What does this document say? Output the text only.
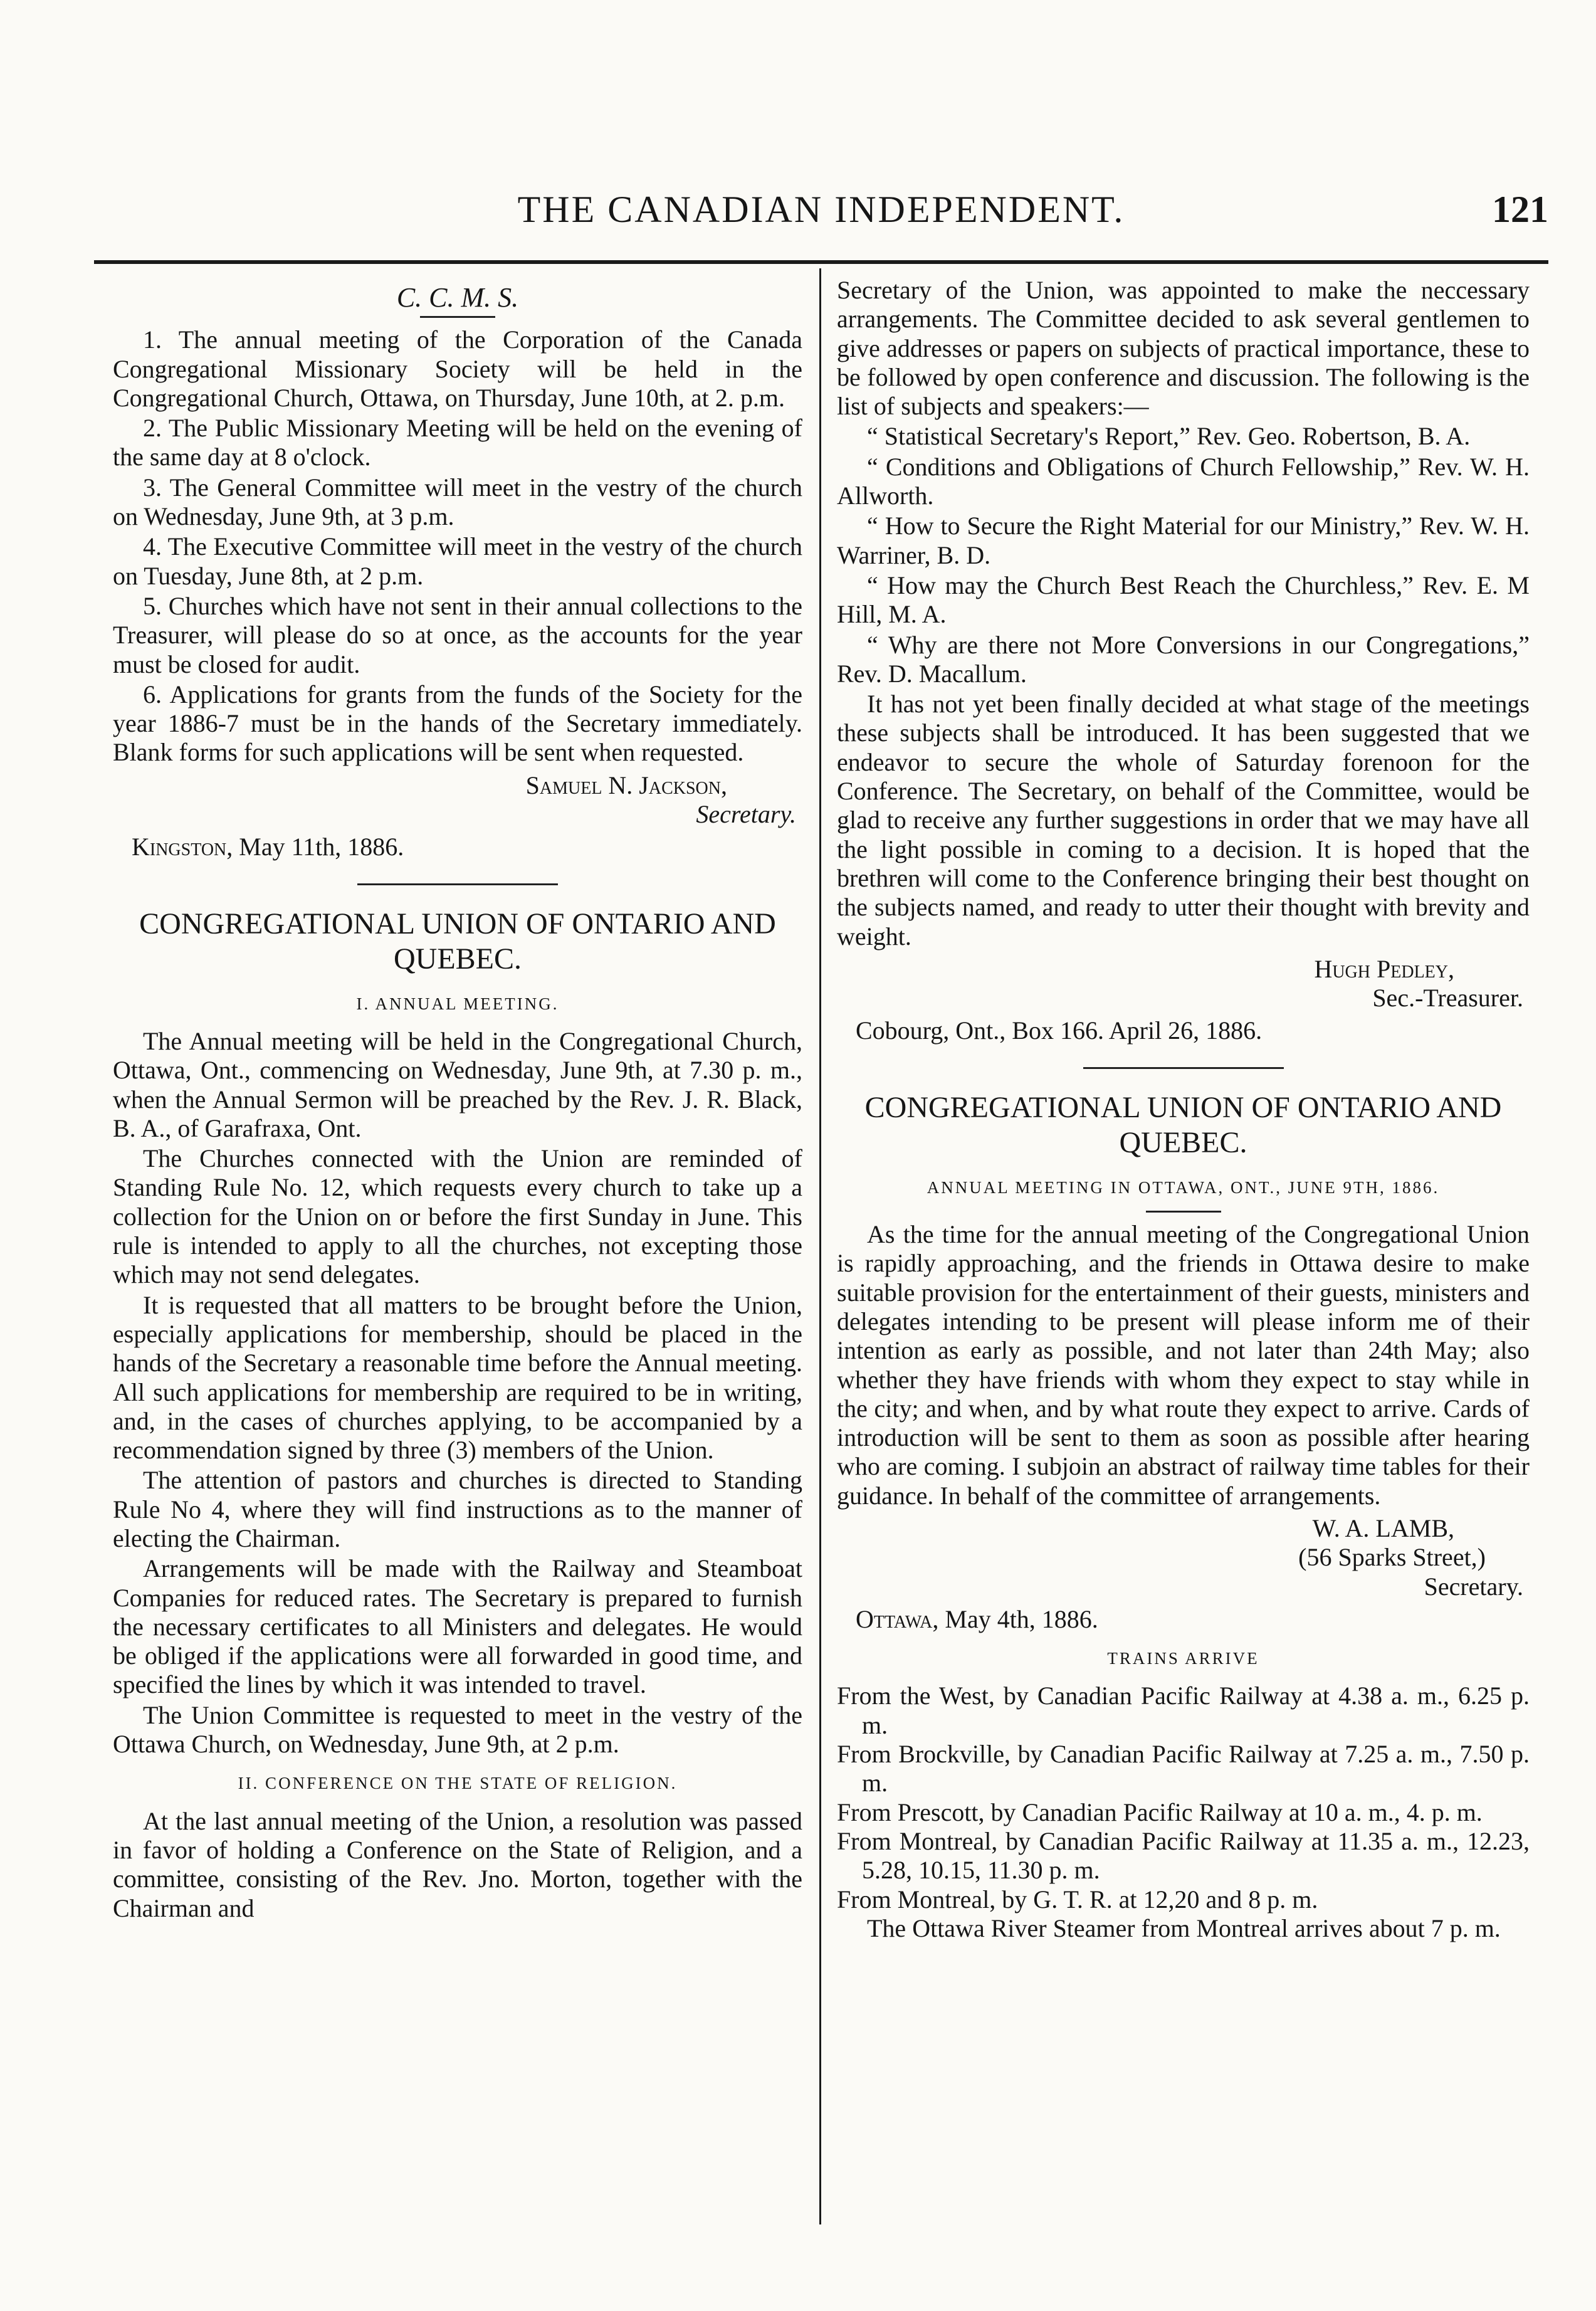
THE CANADIAN INDEPENDENT.	121
C. C. M. S.

1. The annual meeting of the Corporation of the Canada Congregational Missionary Society will be held in the Congregational Church, Ottawa, on Thursday, June 10th, at 2. p.m.

2. The Public Missionary Meeting will be held on the evening of the same day at 8 o'clock.

3. The General Committee will meet in the vestry of the church on Wednesday, June 9th, at 3 p.m.

4. The Executive Committee will meet in the vestry of the church on Tuesday, June 8th, at 2 p.m.

5. Churches which have not sent in their annual collections to the Treasurer, will please do so at once, as the accounts for the year must be closed for audit.

6. Applications for grants from the funds of the Society for the year 1886-7 must be in the hands of the Secretary immediately. Blank forms for such applications will be sent when requested.

Samuel N. Jackson,
Secretary.
Kingston, May 11th, 1886.
CONGREGATIONAL UNION OF ONTARIO AND QUEBEC.
I. ANNUAL MEETING.

The Annual meeting will be held in the Congregational Church, Ottawa, Ont., commencing on Wednesday, June 9th, at 7.30 p. m., when the Annual Sermon will be preached by the Rev. J. R. Black, B. A., of Garafraxa, Ont.

The Churches connected with the Union are reminded of Standing Rule No. 12, which requests every church to take up a collection for the Union on or before the first Sunday in June. This rule is intended to apply to all the churches, not excepting those which may not send delegates.

It is requested that all matters to be brought before the Union, especially applications for membership, should be placed in the hands of the Secretary a reasonable time before the Annual meeting. All such applications for membership are required to be in writing, and, in the cases of churches applying, to be accompanied by a recommendation signed by three (3) members of the Union.

The attention of pastors and churches is directed to Standing Rule No 4, where they will find instructions as to the manner of electing the Chairman.

Arrangements will be made with the Railway and Steamboat Companies for reduced rates. The Secretary is prepared to furnish the necessary certificates to all Ministers and delegates. He would be obliged if the applications were all forwarded in good time, and specified the lines by which it was intended to travel.

The Union Committee is requested to meet in the vestry of the Ottawa Church, on Wednesday, June 9th, at 2 p.m.

II. CONFERENCE ON THE STATE OF RELIGION.

At the last annual meeting of the Union, a resolution was passed in favor of holding a Conference on the State of Religion, and a committee, consisting of the Rev. Jno. Morton, together with the Chairman and

Secretary of the Union, was appointed to make the neccessary arrangements. The Committee decided to ask several gentlemen to give addresses or papers on subjects of practical importance, these to be followed by open conference and discussion. The following is the list of subjects and speakers:—

“ Statistical Secretary's Report,” Rev. Geo. Robertson, B. A.

“ Conditions and Obligations of Church Fellowship,” Rev. W. H. Allworth.

“ How to Secure the Right Material for our Ministry,” Rev. W. H. Warriner, B. D.

“ How may the Church Best Reach the Churchless,” Rev. E. M Hill, M. A.

“ Why are there not More Conversions in our Congregations,” Rev. D. Macallum.

It has not yet been finally decided at what stage of the meetings these subjects shall be introduced. It has been suggested that we endeavor to secure the whole of Saturday forenoon for the Conference. The Secretary, on behalf of the Committee, would be glad to receive any further suggestions in order that we may have all the light possible in coming to a decision. It is hoped that the brethren will come to the Conference bringing their best thought on the subjects named, and ready to utter their thought with brevity and weight.

Hugh Pedley,
Sec.-Treasurer.
Cobourg, Ont., Box 166. April 26, 1886.
CONGREGATIONAL UNION OF ONTARIO AND QUEBEC.
ANNUAL MEETING IN OTTAWA, ONT., JUNE 9TH, 1886.

As the time for the annual meeting of the Congregational Union is rapidly approaching, and the friends in Ottawa desire to make suitable provision for the entertainment of their guests, ministers and delegates intending to be present will please inform me of their intention as early as possible, and not later than 24th May; also whether they have friends with whom they expect to stay while in the city; and when, and by what route they expect to arrive. Cards of introduction will be sent to them as soon as possible after hearing who are coming. I subjoin an abstract of railway time tables for their guidance. In behalf of the committee of arrangements.

W. A. LAMB,
(56 Sparks Street,)
Secretary.
Ottawa, May 4th, 1886.
TRAINS ARRIVE

From the West, by Canadian Pacific Railway at 4.38 a. m., 6.25 p. m.

From Brockville, by Canadian Pacific Railway at 7.25 a. m., 7.50 p. m.

From Prescott, by Canadian Pacific Railway at 10 a. m., 4. p. m.

From Montreal, by Canadian Pacific Railway at 11.35 a. m., 12.23, 5.28, 10.15, 11.30 p. m.

From Montreal, by G. T. R. at 12,20 and 8 p. m.

The Ottawa River Steamer from Montreal arrives about 7 p. m.
